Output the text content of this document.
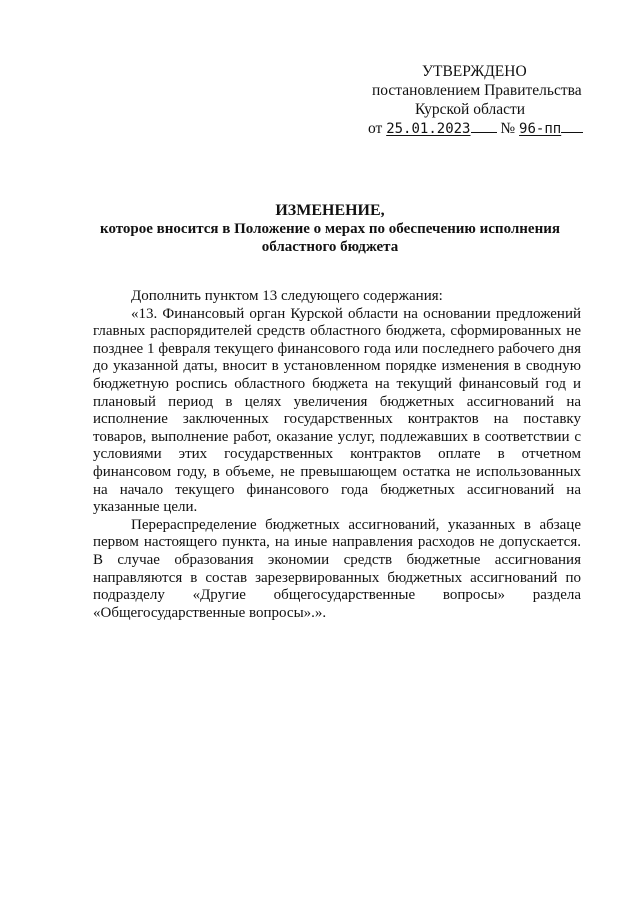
УТВЕРЖДЕНО
постановлением Правительства
Курской области
от 25.01.2023 № 96-пп
ИЗМЕНЕНИЕ,
которое вносится в Положение о мерах по обеспечению исполнения
областного бюджета

Дополнить пунктом 13 следующего содержания:

«13. Финансовый орган Курской области на основании предложений главных распорядителей средств областного бюджета, сформированных не позднее 1 февраля текущего финансового года или последнего рабочего дня до указанной даты, вносит в установленном порядке изменения в сводную бюджетную роспись областного бюджета на текущий финансовый год и плановый период в целях увеличения бюджетных ассигнований на исполнение заключенных государственных контрактов на поставку товаров, выполнение работ, оказание услуг, подлежавших в соответствии с условиями этих государственных контрактов оплате в отчетном финансовом году, в объеме, не превышающем остатка не использованных на начало текущего финансового года бюджетных ассигнований на указанные цели.

Перераспределение бюджетных ассигнований, указанных в абзаце первом настоящего пункта, на иные направления расходов не допускается. В случае образования экономии средств бюджетные ассигнования направляются в состав зарезервированных бюджетных ассигнований по подразделу «Другие общегосударственные вопросы» раздела «Общегосударственные вопросы».».
